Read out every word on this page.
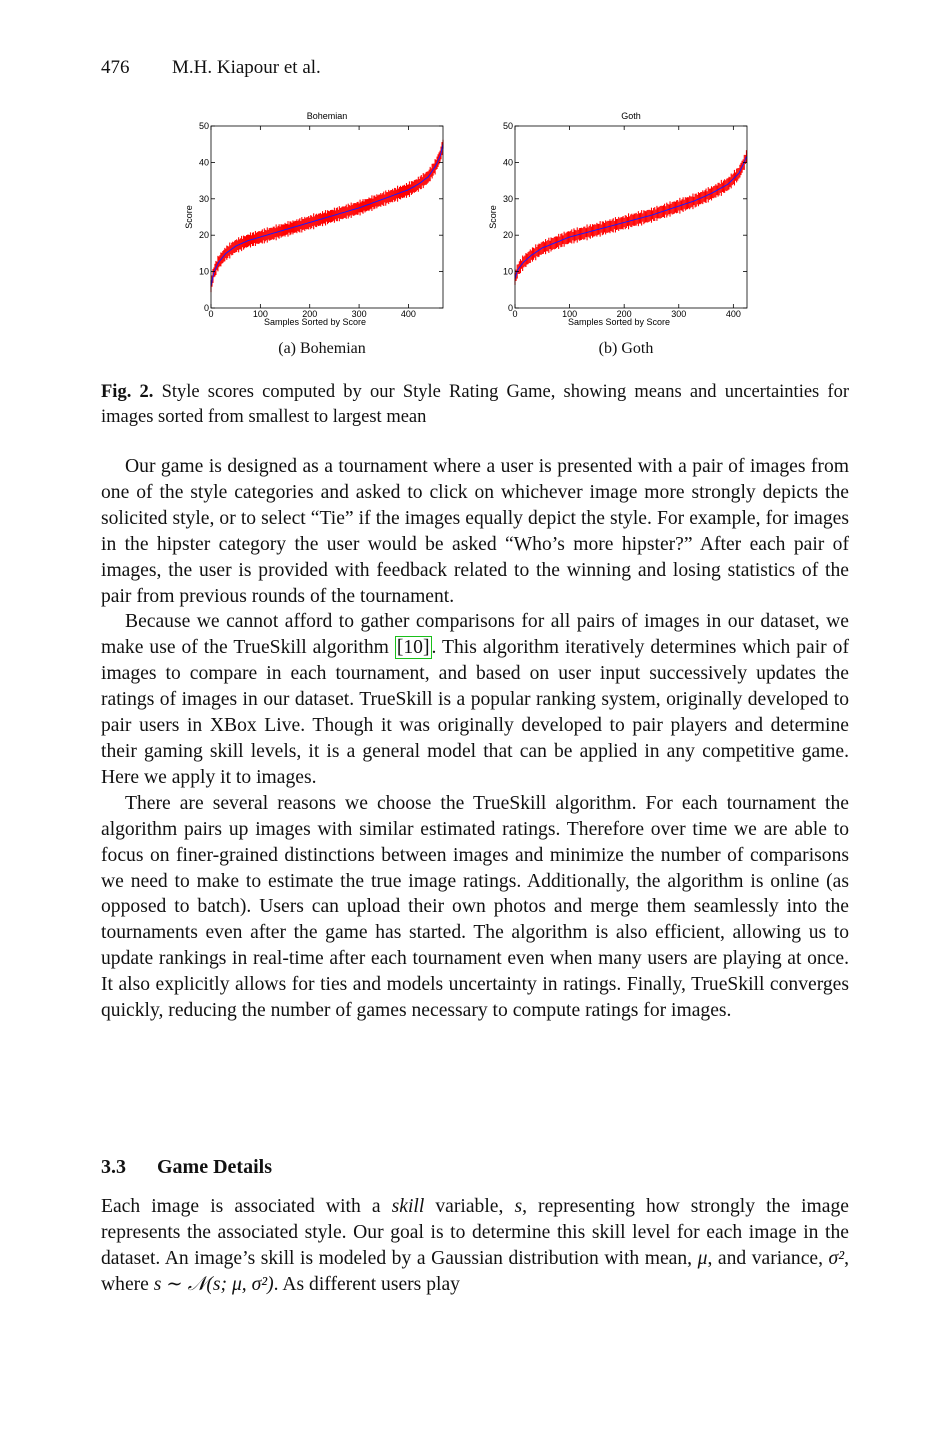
476 M.H. Kiapour et al.
Bohemian
0	100	200	300	400
0
10
20
30
40
50
Samples Sorted by Score
Score
Goth
0	100	200	300	400
0
10
20
30
40
50
Samples Sorted by Score
Score
(a) Bohemian	(b) Goth
Fig. 2. Style scores computed by our Style Rating Game, showing means and uncertainties for images sorted from smallest to largest mean

Our game is designed as a tournament where a user is presented with a pair of images from one of the style categories and asked to click on whichever image more strongly depicts the solicited style, or to select “Tie” if the images equally depict the style. For example, for images in the hipster category the user would be asked “Who’s more hipster?” After each pair of images, the user is provided with feedback related to the winning and losing statistics of the pair from previous rounds of the tournament.

Because we cannot afford to gather comparisons for all pairs of images in our dataset, we make use of the TrueSkill algorithm [10] . This algorithm iteratively determines which pair of images to compare in each tournament, and based on user input successively updates the ratings of images in our dataset. TrueSkill is a popular ranking system, originally developed to pair users in XBox Live. Though it was originally developed to pair players and determine their gaming skill levels, it is a general model that can be applied in any competitive game. Here we apply it to images.

There are several reasons we choose the TrueSkill algorithm. For each tournament the algorithm pairs up images with similar estimated ratings. Therefore over time we are able to focus on finer-grained distinctions between images and minimize the number of comparisons we need to make to estimate the true image ratings. Additionally, the algorithm is online (as opposed to batch). Users can upload their own photos and merge them seamlessly into the tournaments even after the game has started. The algorithm is also efficient, allowing us to update rankings in real-time after each tournament even when many users are playing at once. It also explicitly allows for ties and models uncertainty in ratings. Finally, TrueSkill converges quickly, reducing the number of games necessary to compute ratings for images.

3.3 Game Details

Each image is associated with a skill variable, s, representing how strongly the image represents the associated style. Our goal is to determine this skill level for each image in the dataset. An image’s skill is modeled by a Gaussian distribution with mean, μ, and variance, σ², where s ∼ 𝒩(s; μ, σ²). As different users play
